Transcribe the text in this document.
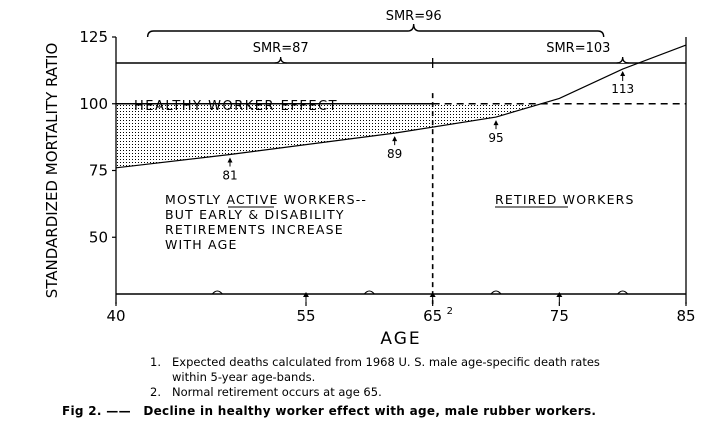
50
75
100
125
40	55	65	75	85
2
AGE
STANDARDIZED MORTALITY RATIO
SMR=96
SMR=87	SMR=103
81
89
95
113
HEALTHY WORKER EFFECT
MOSTLY ACTIVE WORKERS--
BUT EARLY & DISABILITY
RETIREMENTS INCREASE
WITH AGE
RETIRED WORKERS
1. Expected deaths calculated from 1968 U. S. male age-specific death rates
within 5-year age-bands.
2. Normal retirement occurs at age 65.
Fig 2. —— Decline in healthy worker effect with age, male rubber workers.
